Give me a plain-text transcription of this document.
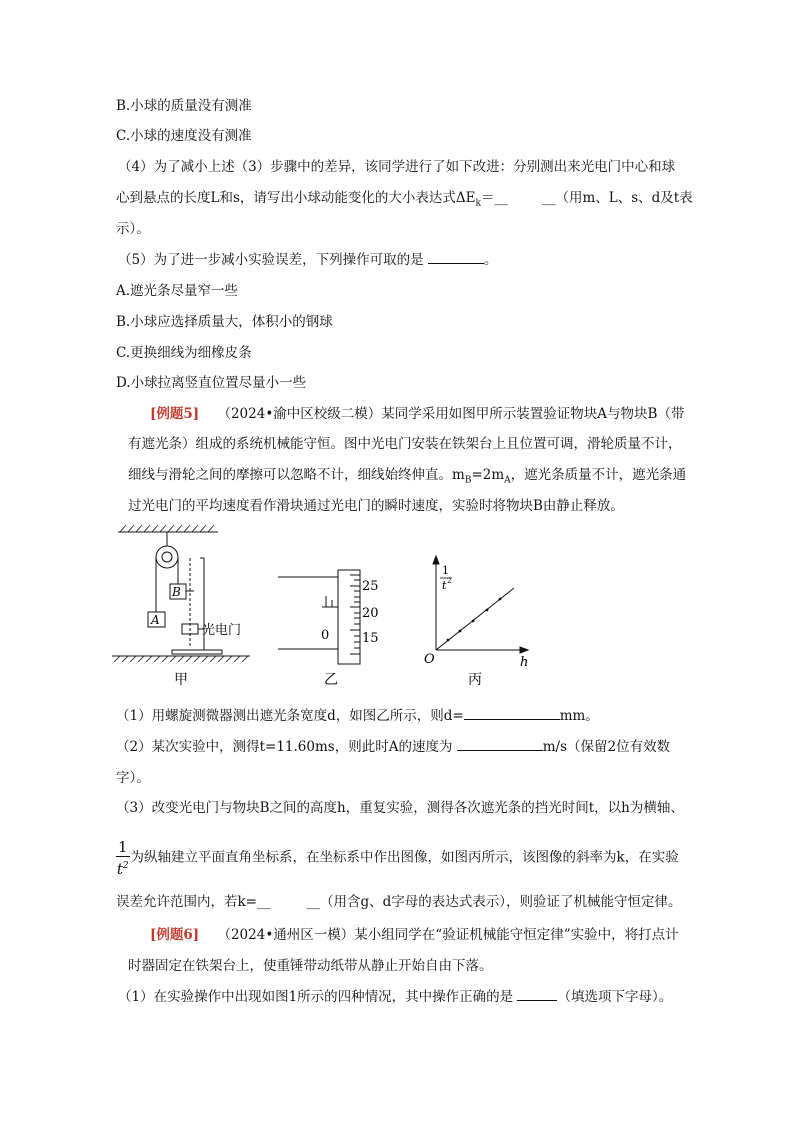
B.小球的质量没有测准
C.小球的速度没有测准
（4）为了减小上述（3）步骤中的差异，该同学进行了如下改进：分别测出来光电门中心和球
心到悬点的长度L和s，请写出小球动能变化的大小表达式$\Delta E_k=\_\_$	__（用m、L、s、d及t表
示）。
（5）为了进一步减小实验误差，下列操作可取的是	。
A.遮光条尽量窄一些
B.小球应选择质量大，体积小的钢球
C.更换细线为细橡皮条
D.小球拉离竖直位置尽量小一些
[例题5] （2024•渝中区校级二模）某同学采用如图甲所示装置验证物块A与物块B（带
有遮光条）组成的系统机械能守恒。图中光电门安装在铁架台上且位置可调，滑轮质量不计，
细线与滑轮之间的摩擦可以忽略不计，细线始终伸直。$m_B=2m_A$，遮光条质量不计，遮光条通
过光电门的平均速度看作滑块通过光电门的瞬时速度，实验时将物块B由静止释放。
A
B
光电门
甲
25
20
15
0
乙
1
t 2
h
O
丙
（1）用螺旋测微器测出遮光条宽度d，如图乙所示，则d=	mm。
（2）某次实验中，测得t=11.60ms，则此时A的速度为	m/s（保留2位有效数
字）。
（3）改变光电门与物块B之间的高度h，重复实验，测得各次遮光条的挡光时间t，以h为横轴、
$\frac{1}{t^2}$ 为纵轴建立平面直角坐标系，在坐标系中作出图像，如图丙所示，该图像的斜率为k，在实验
误差允许范围内，若k=__	__（用含g、d字母的表达式表示），则验证了机械能守恒定律。
[例题6] （2024•通州区一模）某小组同学在“验证机械能守恒定律”实验中，将打点计
时器固定在铁架台上，使重锤带动纸带从静止开始自由下落。
（1）在实验操作中出现如图1所示的四种情况，其中操作正确的是	（填选项下字母）。
